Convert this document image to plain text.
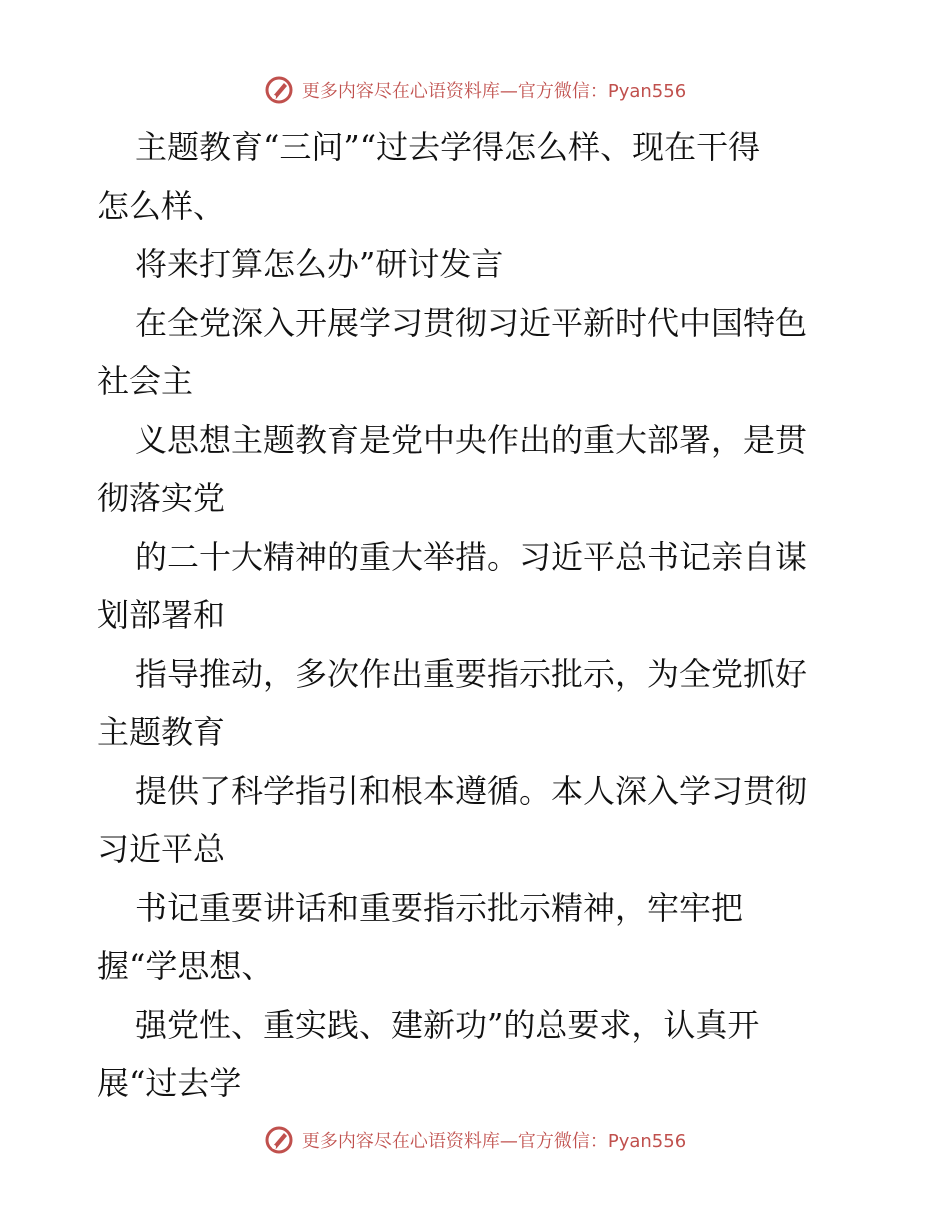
更多内容尽在心语资料库—官方微信：Pyan556
主题教育“三问”“过去学得怎么样、现在干得
怎么样、
将来打算怎么办”研讨发言
在全党深入开展学习贯彻习近平新时代中国特色
社会主
义思想主题教育是党中央作出的重大部署，是贯
彻落实党
的二十大精神的重大举措。习近平总书记亲自谋
划部署和
指导推动，多次作出重要指示批示，为全党抓好
主题教育
提供了科学指引和根本遵循。本人深入学习贯彻
习近平总
书记重要讲话和重要指示批示精神，牢牢把
握“学思想、
强党性、重实践、建新功”的总要求，认真开
展“过去学
更多内容尽在心语资料库—官方微信：Pyan556
